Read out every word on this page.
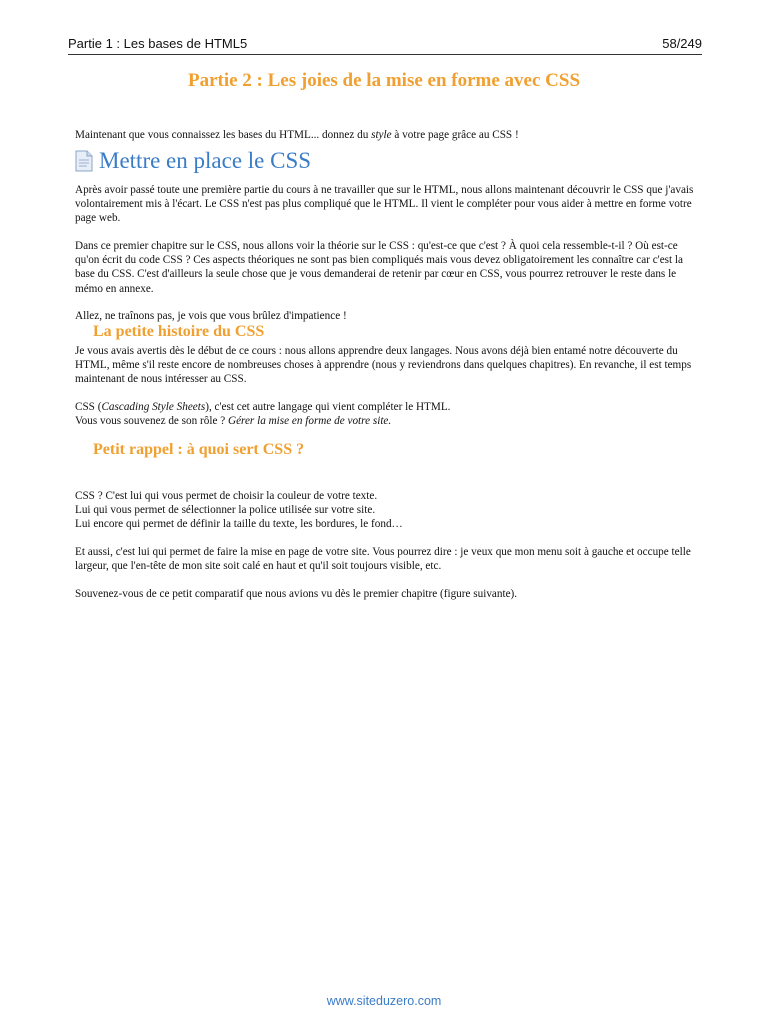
Partie 1 : Les bases de HTML5	58/249
Partie 2 : Les joies de la mise en forme avec CSS

Maintenant que vous connaissez les bases du HTML... donnez du style à votre page grâce au CSS !

Mettre en place le CSS

Après avoir passé toute une première partie du cours à ne travailler que sur le HTML, nous allons maintenant découvrir le CSS que j'avais volontairement mis à l'écart. Le CSS n'est pas plus compliqué que le HTML. Il vient le compléter pour vous aider à mettre en forme votre page web.

Dans ce premier chapitre sur le CSS, nous allons voir la théorie sur le CSS : qu'est-ce que c'est ? À quoi cela ressemble-t-il ? Où est-ce qu'on écrit du code CSS ? Ces aspects théoriques ne sont pas bien compliqués mais vous devez obligatoirement les connaître car c'est la base du CSS. C'est d'ailleurs la seule chose que je vous demanderai de retenir par cœur en CSS, vous pourrez retrouver le reste dans le mémo en annexe.

Allez, ne traînons pas, je vois que vous brûlez d'impatience !

La petite histoire du CSS

Je vous avais avertis dès le début de ce cours : nous allons apprendre deux langages. Nous avons déjà bien entamé notre découverte du HTML, même s'il reste encore de nombreuses choses à apprendre (nous y reviendrons dans quelques chapitres). En revanche, il est temps maintenant de nous intéresser au CSS.

CSS (Cascading Style Sheets), c'est cet autre langage qui vient compléter le HTML.

Vous vous souvenez de son rôle ? Gérer la mise en forme de votre site.

Petit rappel : à quoi sert CSS ?

CSS ? C'est lui qui vous permet de choisir la couleur de votre texte.

Lui qui vous permet de sélectionner la police utilisée sur votre site.

Lui encore qui permet de définir la taille du texte, les bordures, le fond…

Et aussi, c'est lui qui permet de faire la mise en page de votre site. Vous pourrez dire : je veux que mon menu soit à gauche et occupe telle largeur, que l'en-tête de mon site soit calé en haut et qu'il soit toujours visible, etc.

Souvenez-vous de ce petit comparatif que nous avions vu dès le premier chapitre (figure suivante).

www.siteduzero.com
